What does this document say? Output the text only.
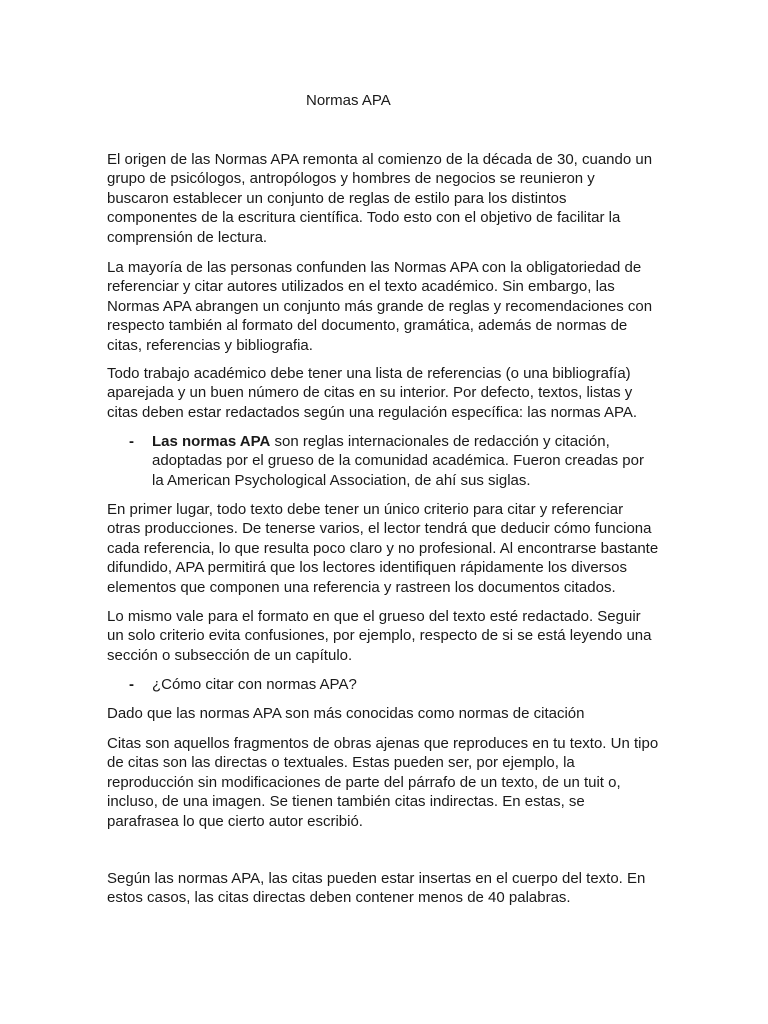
Normas APA

El origen de las Normas APA remonta al comienzo de la década de 30, cuando un
grupo de psicólogos, antropólogos y hombres de negocios se reunieron y
buscaron establecer un conjunto de reglas de estilo para los distintos
componentes de la escritura científica. Todo esto con el objetivo de facilitar la
comprensión de lectura.

La mayoría de las personas confunden las Normas APA con la obligatoriedad de
referenciar y citar autores utilizados en el texto académico. Sin embargo, las
Normas APA abrangen un conjunto más grande de reglas y recomendaciones con
respecto también al formato del documento, gramática, además de normas de
citas, referencias y bibliografia.

Todo trabajo académico debe tener una lista de referencias (o una bibliografía)
aparejada y un buen número de citas en su interior. Por defecto, textos, listas y
citas deben estar redactados según una regulación específica: las normas APA.

- Las normas APA son reglas internacionales de redacción y citación,
adoptadas por el grueso de la comunidad académica. Fueron creadas por
la American Psychological Association, de ahí sus siglas.

En primer lugar, todo texto debe tener un único criterio para citar y referenciar
otras producciones. De tenerse varios, el lector tendrá que deducir cómo funciona
cada referencia, lo que resulta poco claro y no profesional. Al encontrarse bastante
difundido, APA permitirá que los lectores identifiquen rápidamente los diversos
elementos que componen una referencia y rastreen los documentos citados.

Lo mismo vale para el formato en que el grueso del texto esté redactado. Seguir
un solo criterio evita confusiones, por ejemplo, respecto de si se está leyendo una
sección o subsección de un capítulo.

- ¿Cómo citar con normas APA?

Dado que las normas APA son más conocidas como normas de citación

Citas son aquellos fragmentos de obras ajenas que reproduces en tu texto. Un tipo
de citas son las directas o textuales. Estas pueden ser, por ejemplo, la
reproducción sin modificaciones de parte del párrafo de un texto, de un tuit o,
incluso, de una imagen. Se tienen también citas indirectas. En estas, se
parafrasea lo que cierto autor escribió.

Según las normas APA, las citas pueden estar insertas en el cuerpo del texto. En
estos casos, las citas directas deben contener menos de 40 palabras.
